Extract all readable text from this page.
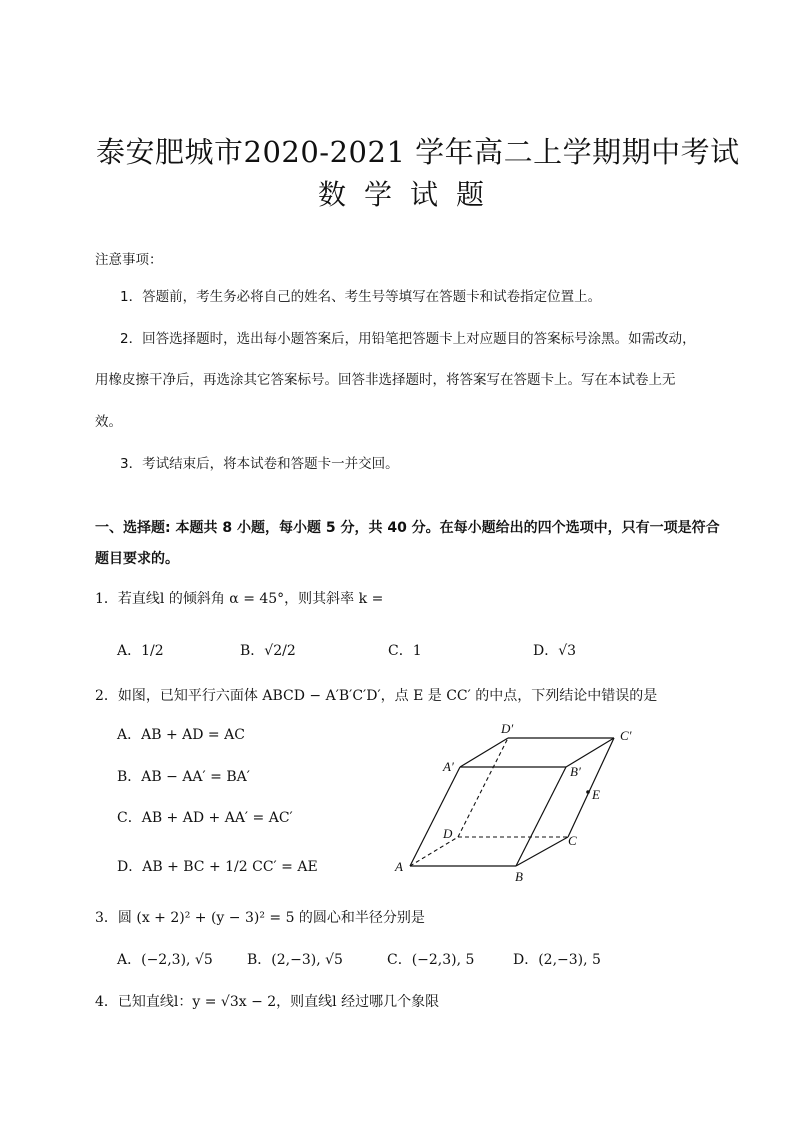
泰安肥城市2020-2021 学年高二上学期期中考试
数学试题
注意事项：
1．答题前，考生务必将自己的姓名、考生号等填写在答题卡和试卷指定位置上。
2．回答选择题时，选出每小题答案后，用铅笔把答题卡上对应题目的答案标号涂黑。如需改动，
用橡皮擦干净后，再选涂其它答案标号。回答非选择题时，将答案写在答题卡上。写在本试卷上无
效。
3．考试结束后，将本试卷和答题卡一并交回。
一、选择题: 本题共 8 小题，每小题 5 分，共 40 分。在每小题给出的四个选项中，只有一项是符合
题目要求的。
1．若直线l 的倾斜角 α = 45°，则其斜率 k =
A．1/2	B．√2/2	C．1	D．√3
2．如图，已知平行六面体 ABCD − A′B′C′D′，点 E 是 CC′ 的中点，下列结论中错误的是
A．AB + AD = AC
B．AB − AA′ = BA′
C．AB + AD + AA′ = AC′
D．AB + BC + 1/2 CC′ = AE
D′	C′
A′	B′
E
D	C
A
B
3．圆 (x + 2)² + (y − 3)² = 5 的圆心和半径分别是
A．(−2,3), √5 B．(2,−3), √5	C．(−2,3), 5	D．(2,−3), 5
4．已知直线l：y = √3x − 2，则直线l 经过哪几个象限
